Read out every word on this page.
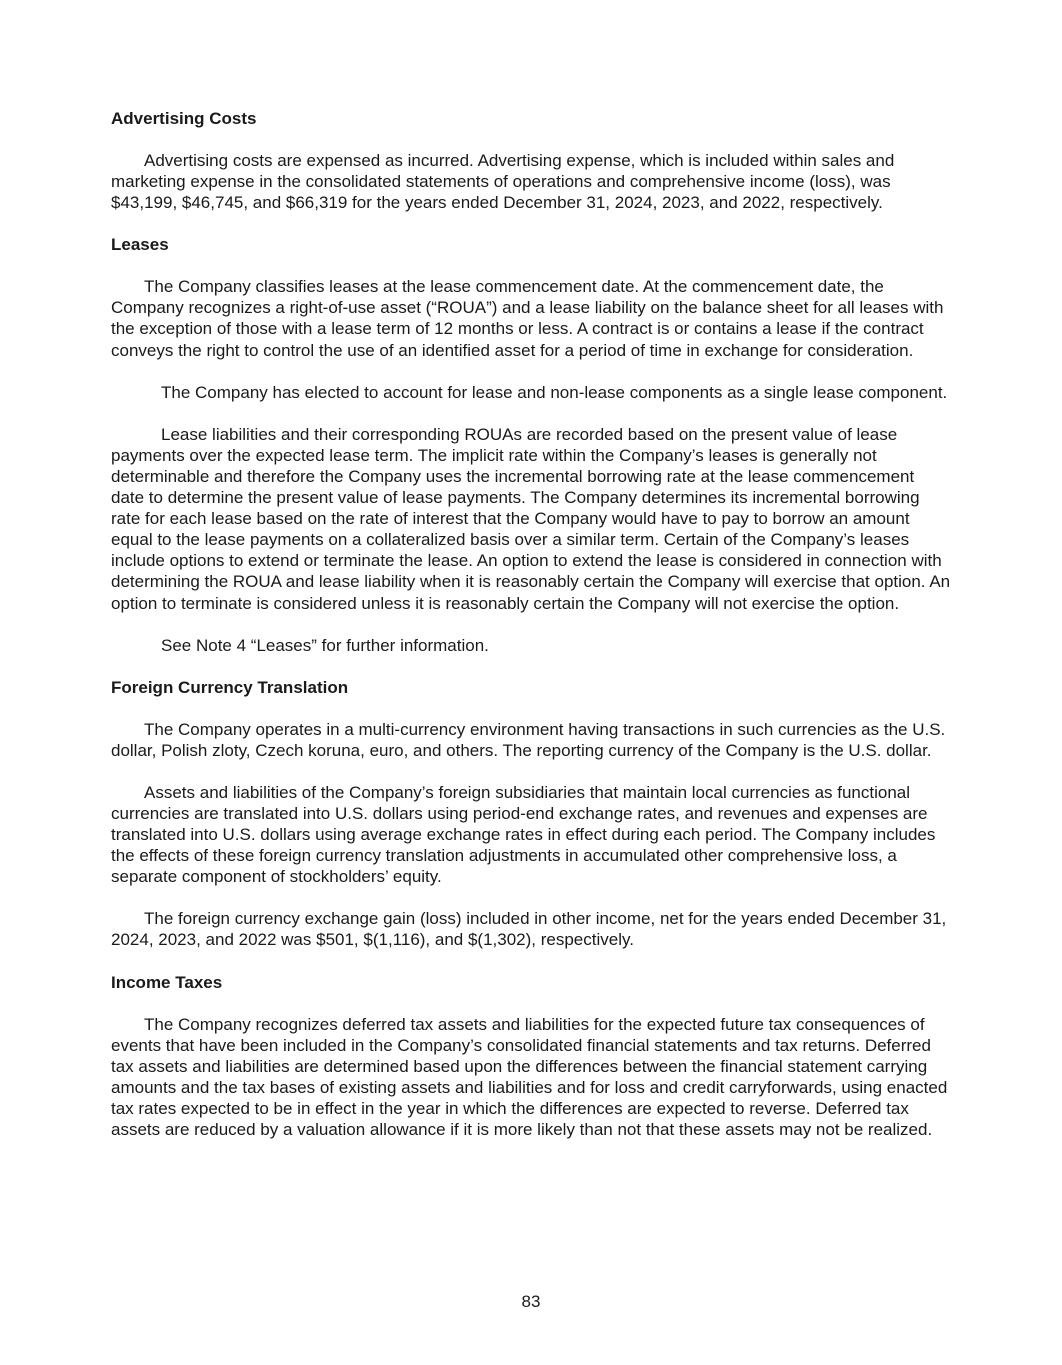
Advertising Costs

Advertising costs are expensed as incurred. Advertising expense, which is included within sales and marketing expense in the consolidated statements of operations and comprehensive income (loss), was $43,199, $46,745, and $66,319 for the years ended December 31, 2024, 2023, and 2022, respectively.

Leases

The Company classifies leases at the lease commencement date. At the commencement date, the Company recognizes a right-of-use asset (“ROUA”) and a lease liability on the balance sheet for all leases with the exception of those with a lease term of 12 months or less. A contract is or contains a lease if the contract conveys the right to control the use of an identified asset for a period of time in exchange for consideration.

The Company has elected to account for lease and non-lease components as a single lease component.

Lease liabilities and their corresponding ROUAs are recorded based on the present value of lease payments over the expected lease term. The implicit rate within the Company’s leases is generally not determinable and therefore the Company uses the incremental borrowing rate at the lease commencement date to determine the present value of lease payments. The Company determines its incremental borrowing rate for each lease based on the rate of interest that the Company would have to pay to borrow an amount equal to the lease payments on a collateralized basis over a similar term. Certain of the Company’s leases include options to extend or terminate the lease. An option to extend the lease is considered in connection with determining the ROUA and lease liability when it is reasonably certain the Company will exercise that option. An option to terminate is considered unless it is reasonably certain the Company will not exercise the option.

See Note 4 “Leases” for further information.

Foreign Currency Translation

The Company operates in a multi-currency environment having transactions in such currencies as the U.S. dollar, Polish zloty, Czech koruna, euro, and others. The reporting currency of the Company is the U.S. dollar.

Assets and liabilities of the Company’s foreign subsidiaries that maintain local currencies as functional currencies are translated into U.S. dollars using period-end exchange rates, and revenues and expenses are translated into U.S. dollars using average exchange rates in effect during each period. The Company includes the effects of these foreign currency translation adjustments in accumulated other comprehensive loss, a separate component of stockholders’ equity.

The foreign currency exchange gain (loss) included in other income, net for the years ended December 31, 2024, 2023, and 2022 was $501, $(1,116), and $(1,302), respectively.

Income Taxes

The Company recognizes deferred tax assets and liabilities for the expected future tax consequences of events that have been included in the Company’s consolidated financial statements and tax returns. Deferred tax assets and liabilities are determined based upon the differences between the financial statement carrying amounts and the tax bases of existing assets and liabilities and for loss and credit carryforwards, using enacted tax rates expected to be in effect in the year in which the differences are expected to reverse. Deferred tax assets are reduced by a valuation allowance if it is more likely than not that these assets may not be realized.

83
